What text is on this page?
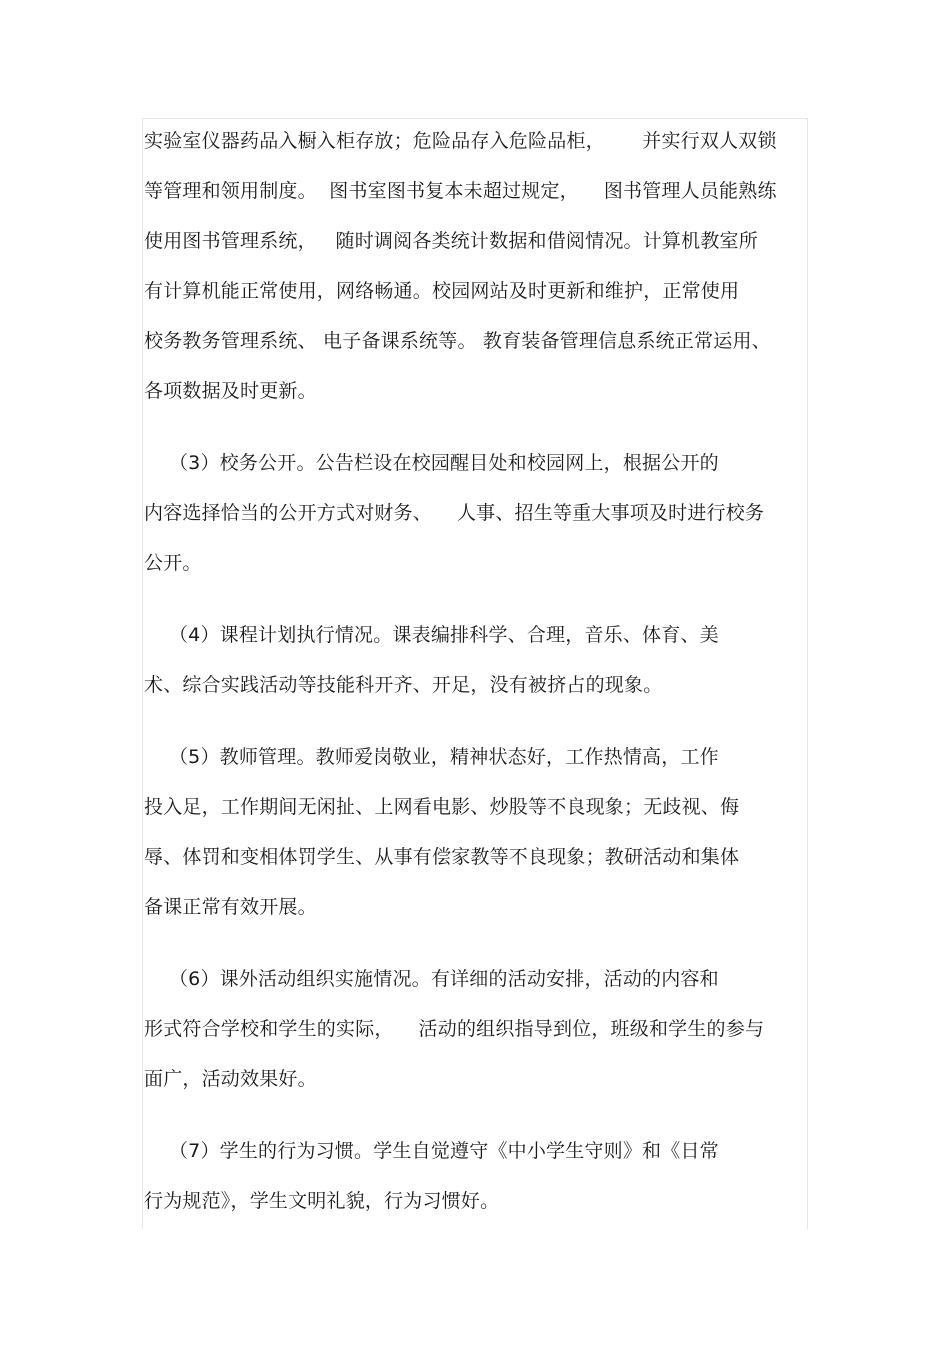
实验室仪器药品入橱入柜存放；危险品存入危险品柜，      并实行双人双锁
等管理和领用制度。  图书室图书复本未超过规定，    图书管理人员能熟练
使用图书管理系统，   随时调阅各类统计数据和借阅情况。计算机教室所
有计算机能正常使用，网络畅通。校园网站及时更新和维护，正常使用
校务教务管理系统、 电子备课系统等。 教育装备管理信息系统正常运用、
各项数据及时更新。
（3）校务公开。公告栏设在校园醒目处和校园网上，根据公开的
内容选择恰当的公开方式对财务、    人事、招生等重大事项及时进行校务
公开。
（4）课程计划执行情况。课表编排科学、合理，音乐、体育、美
术、综合实践活动等技能科开齐、开足，没有被挤占的现象。
（5）教师管理。教师爱岗敬业，精神状态好，工作热情高，工作
投入足，工作期间无闲扯、上网看电影、炒股等不良现象；无歧视、侮
辱、体罚和变相体罚学生、从事有偿家教等不良现象；教研活动和集体
备课正常有效开展。
（6）课外活动组织实施情况。有详细的活动安排，活动的内容和
形式符合学校和学生的实际，    活动的组织指导到位，班级和学生的参与
面广，活动效果好。
（7）学生的行为习惯。学生自觉遵守《中小学生守则》和《日常
行为规范》，学生文明礼貌，行为习惯好。
